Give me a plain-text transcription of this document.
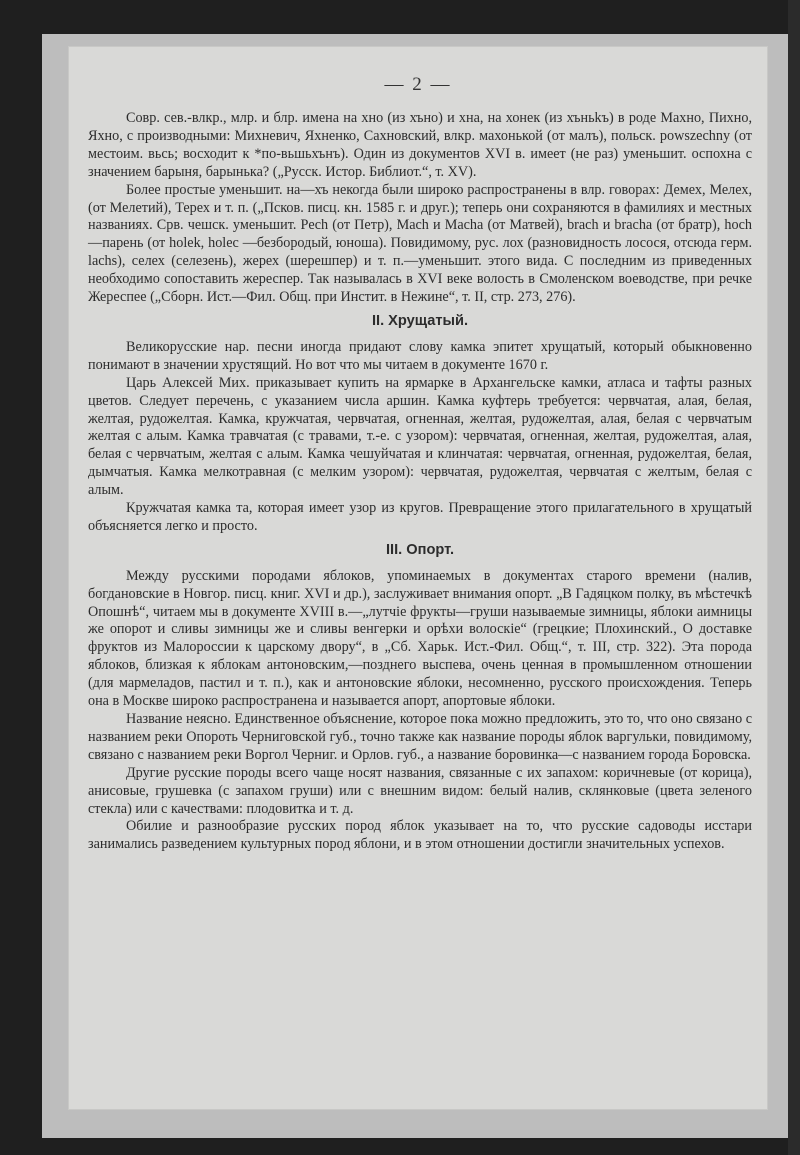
— 2 —

Совр. сев.-влкр., млр. и блр. имена на хно (из хъно) и хна, на хонек (из хъньkъ) в роде Махно, Пихно, Яхно, с производными: Михневич, Яхненко, Сахновский, влкр. махонькой (от малъ), польск. powszechny (от местоим. вьсь; восходит к *по-вьшьхънъ). Один из документов XVI в. имеет (не раз) уменьшит. оспохна с значением барыня, барынька? („Русск. Истор. Библиот.“, т. XV).

Более простые уменьшит. на—хъ некогда были широко распространены в влр. говорах: Демех, Мелех, (от Мелетий), Терех и т. п. („Псков. писц. кн. 1585 г. и друг.); теперь они сохраняются в фамилиях и местных названиях. Срв. чешск. уменьшит. Pech (от Петр), Mach и Macha (от Матвей), brach и bracha (от братр), hoch—парень (от holek, holec —безбородый, юноша). Повидимому, рус. лох (разновидность лосося, отсюда герм. lachs), селех (селезень), жерех (шерешпер) и т. п.—уменьшит. этого вида. С последним из приведенных необходимо сопоставить жереспер. Так называлась в XVI веке волость в Смоленском воеводстве, при речке Жереспее („Сборн. Ист.—Фил. Общ. при Инстит. в Нежине“, т. II, стр. 273, 276).

II. Хрущатый.

Великорусские нар. песни иногда придают слову камка эпитет хрущатый, который обыкновенно понимают в значении хрустящий. Но вот что мы читаем в документе 1670 г.

Царь Алексей Мих. приказывает купить на ярмарке в Архангельске камки, атласа и тафты разных цветов. Следует перечень, с указанием числа аршин. Камка куфтерь требуется: червчатая, алая, белая, желтая, рудожелтая. Камка, кружчатая, червчатая, огненная, желтая, рудожелтая, алая, белая с червчатым желтая с алым. Камка травчатая (с травами, т.-е. с узором): червчатая, огненная, желтая, рудожелтая, алая, белая с червчатым, желтая с алым. Камка чешуйчатая и клинчатая: червчатая, огненная, рудожелтая, белая, дымчатыя. Камка мелкотравная (с мелким узором): червчатая, рудожелтая, червчатая с желтым, белая с алым.

Кружчатая камка та, которая имеет узор из кругов. Превращение этого прилагательного в хрущатый объясняется легко и просто.

III. Опорт.

Между русскими породами яблоков, упоминаемых в документах старого времени (налив, богдановские в Новгор. писц. книг. XVI и др.), заслуживает внимания опорт. „В Гадяцком полку, въ мѣстечкѣ Опошнѣ“, читаем мы в документе XVIII в.—„лутчіе фрукты—груши называемые зимницы, яблоки аимницы же опорот и сливы зимницы же и сливы венгерки и орѣхи волоскіе“ (грецкие; Плохинский., О доставке фруктов из Малороссии к царскому двору“, в „Сб. Харьк. Ист.-Фил. Общ.“, т. III, стр. 322). Эта порода яблоков, близкая к яблокам антоновским,—позднего выспева, очень ценная в промышленном отношении (для мармеладов, пастил и т. п.), как и антоновские яблоки, несомненно, русского происхождения. Теперь она в Москве широко распространена и называется апорт, апортовые яблоки.

Название неясно. Единственное объяснение, которое пока можно предложить, это то, что оно связано с названием реки Опороть Черниговской губ., точно также как название породы яблок варгульки, повидимому, связано с названием реки Воргол Черниг. и Орлов. губ., а название боровинка—с названием города Боровска.

Другие русские породы всего чаще носят названия, связанные с их запахом: коричневые (от корица), анисовые, грушевка (с запахом груши) или с внешним видом: белый налив, склянковые (цвета зеленого стекла) или с качествами: плодовитка и т. д.

Обилие и разнообразие русских пород яблок указывает на то, что русские садоводы исстари занимались разведением культурных пород яблони, и в этом отношении достигли значительных успехов.
